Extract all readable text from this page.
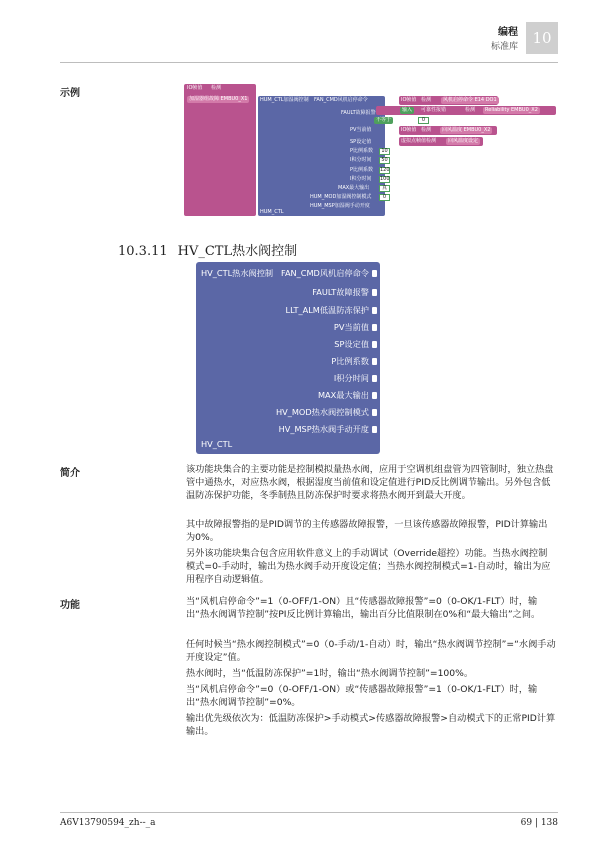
编程
标准库 10
示例	IO帧值 检测
加湿器组故障 EMBU0_X1	HUM_CTL加湿阀控制 FAN_CMD风机启停命令
FAULT故障报警
PV当前值
SP设定值
P比例系数
I积分时间
P比例系数
I积分时间
MAX最大输出
HUM_MOD加湿阀控制模式
HUM_MSP加湿阀手动开度
HUM_CTL
IO帧值 检测	风机启停命令 E14 DO1
输入	可靠性报错	检测	Reliability EMBU0_X2
不等于	输入2	0
IO帧值 检测	回风温度 EMBU0_X2
虚拟点帧值 检测	回风温度设定
10
50
120
100
真
0
10.3.11 HV_CTL热水阀控制
HV_CTL热水阀控制 FAN_CMD风机启停命令
FAULT故障报警
LLT_ALM低温防冻保护
PV当前值
SP设定值
P比例系数
I积分时间
MAX最大输出
HV_MOD热水阀控制模式
HV_MSP热水阀手动开度
HV_CTL
简介	该功能块集合的主要功能是控制模拟量热水阀，应用于空调机组盘管为四管制时，独立热盘管中通热水，对应热水阀，根据湿度当前值和设定值进行PID反比例调节输出。另外包含低温防冻保护功能，冬季制热且防冻保护时要求将热水阀开到最大开度。
其中故障报警指的是PID调节的主传感器故障报警，一旦该传感器故障报警，PID计算输出为0%。
另外该功能块集合包含应用软件意义上的手动调试（Override超控）功能。当热水阀控制模式=0-手动时，输出为热水阀手动开度设定值；当热水阀控制模式=1-自动时，输出为应用程序自动逻辑值。
功能	当“风机启停命令”=1（0-OFF/1-ON）且“传感器故障报警”=0（0-OK/1-FLT）时，输出“热水阀调节控制”按PI反比例计算输出，输出百分比值限制在0%和“最大输出”之间。
任何时候当“热水阀控制模式”=0（0-手动/1-自动）时，输出“热水阀调节控制”=“水阀手动开度设定”值。
热水阀时，当“低温防冻保护”=1时，输出“热水阀调节控制”=100%。
当“风机启停命令”=0（0-OFF/1-ON）或“传感器故障报警”=1（0-OK/1-FLT）时，输出“热水阀调节控制”=0%。
输出优先级依次为：低温防冻保护>手动模式>传感器故障报警>自动模式下的正常PID计算输出。
A6V13790594_zh--_a	69 | 138
